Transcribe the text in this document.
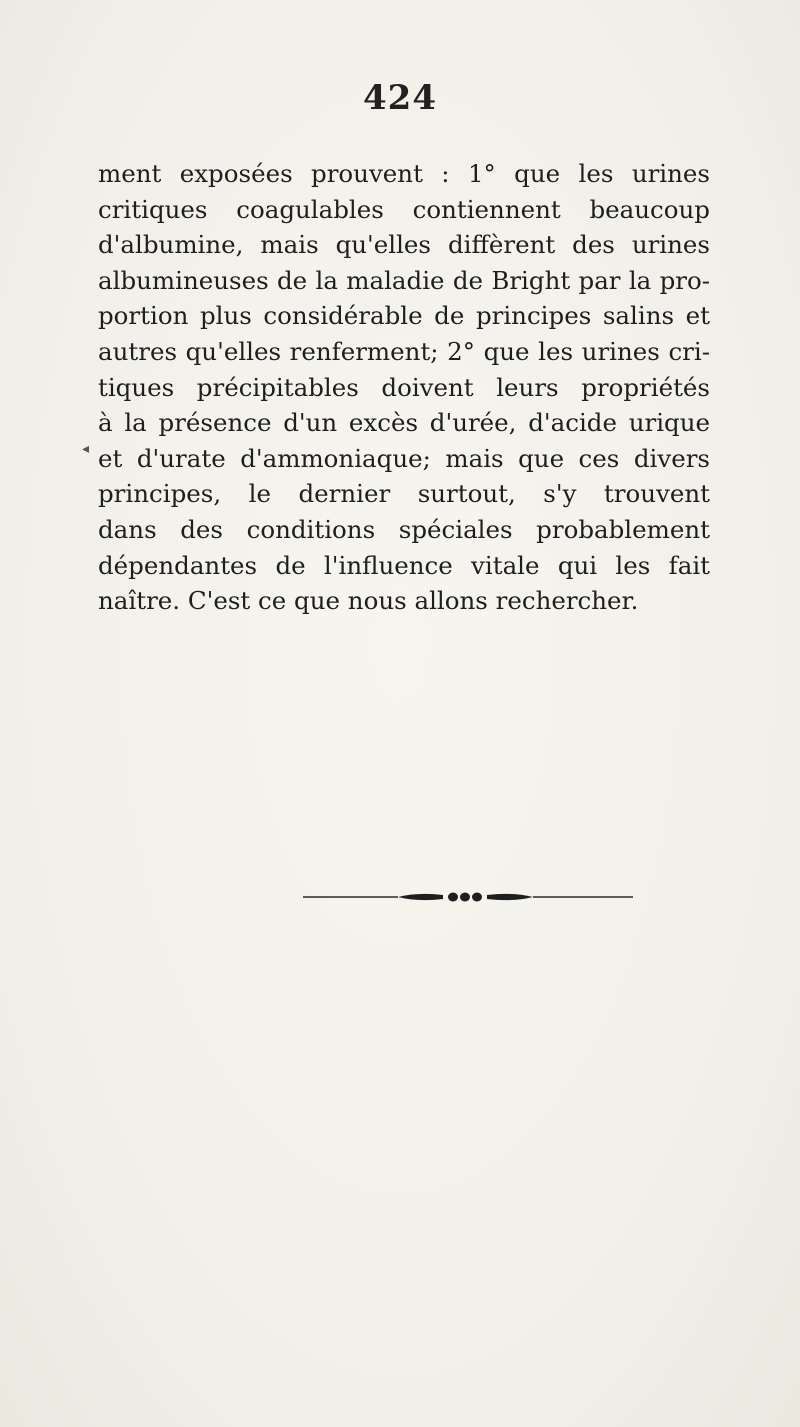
424
ment exposées prouvent : 1° que les urines
critiques coagulables contiennent beaucoup
d'albumine, mais qu'elles diffèrent des urines
albumineuses de la maladie de Bright par la pro-
portion plus considérable de principes salins et
autres qu'elles renferment; 2° que les urines cri-
tiques précipitables doivent leurs propriétés
à la présence d'un excès d'urée, d'acide urique
et d'urate d'ammoniaque; mais que ces divers
principes, le dernier surtout, s'y trouvent
dans des conditions spéciales probablement
dépendantes de l'influence vitale qui les fait
naître. C'est ce que nous allons rechercher.
◂
